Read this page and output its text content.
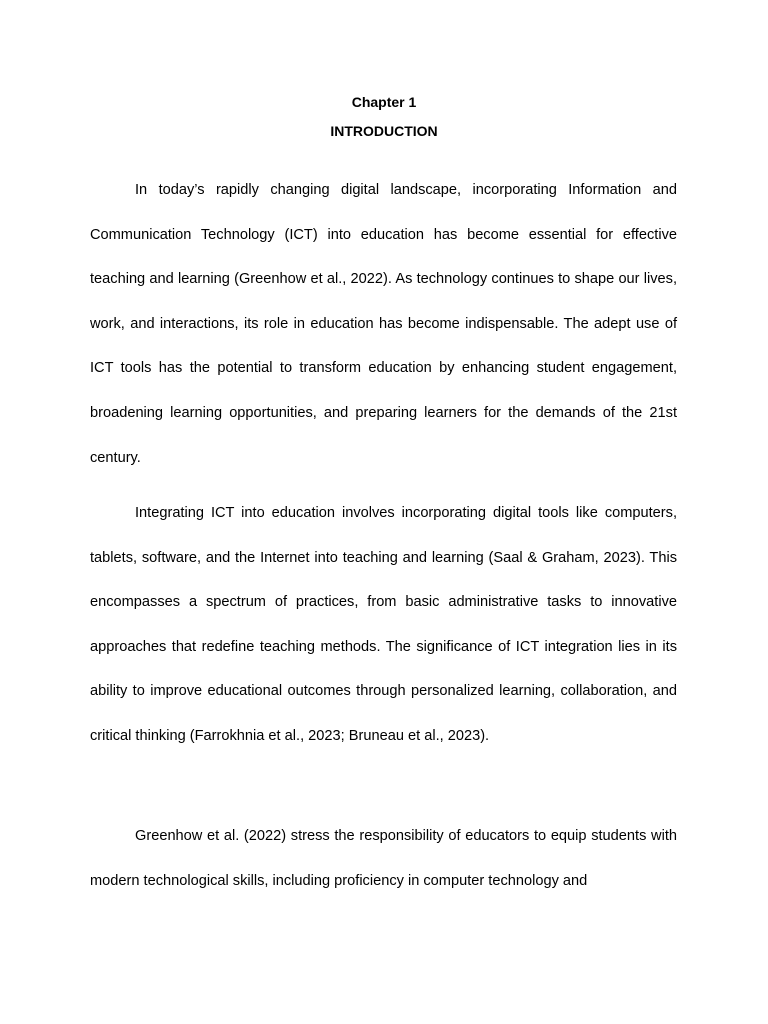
Chapter 1
INTRODUCTION

In today’s rapidly changing digital landscape, incorporating Information and Communication Technology (ICT) into education has become essential for effective teaching and learning (Greenhow et al., 2022). As technology continues to shape our lives, work, and interactions, its role in education has become indispensable. The adept use of ICT tools has the potential to transform education by enhancing student engagement, broadening learning opportunities, and preparing learners for the demands of the 21st century.

Integrating ICT into education involves incorporating digital tools like computers, tablets, software, and the Internet into teaching and learning (Saal & Graham, 2023). This encompasses a spectrum of practices, from basic administrative tasks to innovative approaches that redefine teaching methods. The significance of ICT integration lies in its ability to improve educational outcomes through personalized learning, collaboration, and critical thinking (Farrokhnia et al., 2023; Bruneau et al., 2023).

Greenhow et al. (2022) stress the responsibility of educators to equip students with modern technological skills, including proficiency in computer technology and
